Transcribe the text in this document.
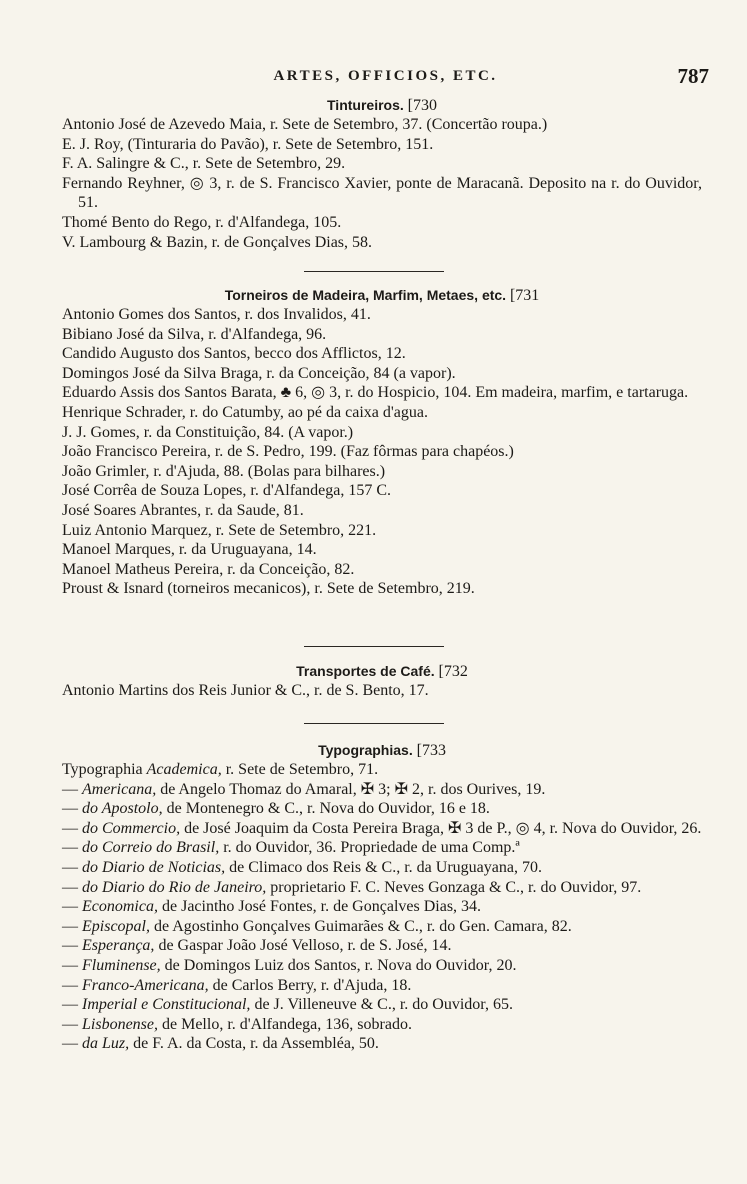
ARTES, OFFICIOS, ETC.	787
Tintureiros. [730
Antonio José de Azevedo Maia, r. Sete de Setembro, 37. (Concertão roupa.)
E. J. Roy, (Tinturaria do Pavão), r. Sete de Setembro, 151.
F. A. Salingre & C., r. Sete de Setembro, 29.
Fernando Reyhner, ◎ 3, r. de S. Francisco Xavier, ponte de Maracanã. Deposito na r. do Ouvidor, 51.
Thomé Bento do Rego, r. d'Alfandega, 105.
V. Lambourg & Bazin, r. de Gonçalves Dias, 58.
Torneiros de Madeira, Marfim, Metaes, etc. [731
Antonio Gomes dos Santos, r. dos Invalidos, 41.
Bibiano José da Silva, r. d'Alfandega, 96.
Candido Augusto dos Santos, becco dos Afflictos, 12.
Domingos José da Silva Braga, r. da Conceição, 84 (a vapor).
Eduardo Assis dos Santos Barata, ♣ 6, ◎ 3, r. do Hospicio, 104. Em madeira, marfim, e tartaruga.
Henrique Schrader, r. do Catumby, ao pé da caixa d'agua.
J. J. Gomes, r. da Constituição, 84. (A vapor.)
João Francisco Pereira, r. de S. Pedro, 199. (Faz fôrmas para chapéos.)
João Grimler, r. d'Ajuda, 88. (Bolas para bilhares.)
José Corrêa de Souza Lopes, r. d'Alfandega, 157 C.
José Soares Abrantes, r. da Saude, 81.
Luiz Antonio Marquez, r. Sete de Setembro, 221.
Manoel Marques, r. da Uruguayana, 14.
Manoel Matheus Pereira, r. da Conceição, 82.
Proust & Isnard (torneiros mecanicos), r. Sete de Setembro, 219.
Transportes de Café. [732
Antonio Martins dos Reis Junior & C., r. de S. Bento, 17.
Typographias. [733
Typographia Academica, r. Sete de Setembro, 71.
— Americana, de Angelo Thomaz do Amaral, ✠ 3; ✠ 2, r. dos Ourives, 19.
— do Apostolo, de Montenegro & C., r. Nova do Ouvidor, 16 e 18.
— do Commercio, de José Joaquim da Costa Pereira Braga, ✠ 3 de P., ◎ 4, r. Nova do Ouvidor, 26.
— do Correio do Brasil, r. do Ouvidor, 36. Propriedade de uma Comp.ª
— do Diario de Noticias, de Climaco dos Reis & C., r. da Uruguayana, 70.
— do Diario do Rio de Janeiro, proprietario F. C. Neves Gonzaga & C., r. do Ouvidor, 97.
— Economica, de Jacintho José Fontes, r. de Gonçalves Dias, 34.
— Episcopal, de Agostinho Gonçalves Guimarães & C., r. do Gen. Camara, 82.
— Esperança, de Gaspar João José Velloso, r. de S. José, 14.
— Fluminense, de Domingos Luiz dos Santos, r. Nova do Ouvidor, 20.
— Franco-Americana, de Carlos Berry, r. d'Ajuda, 18.
— Imperial e Constitucional, de J. Villeneuve & C., r. do Ouvidor, 65.
— Lisbonense, de Mello, r. d'Alfandega, 136, sobrado.
— da Luz, de F. A. da Costa, r. da Assembléa, 50.
